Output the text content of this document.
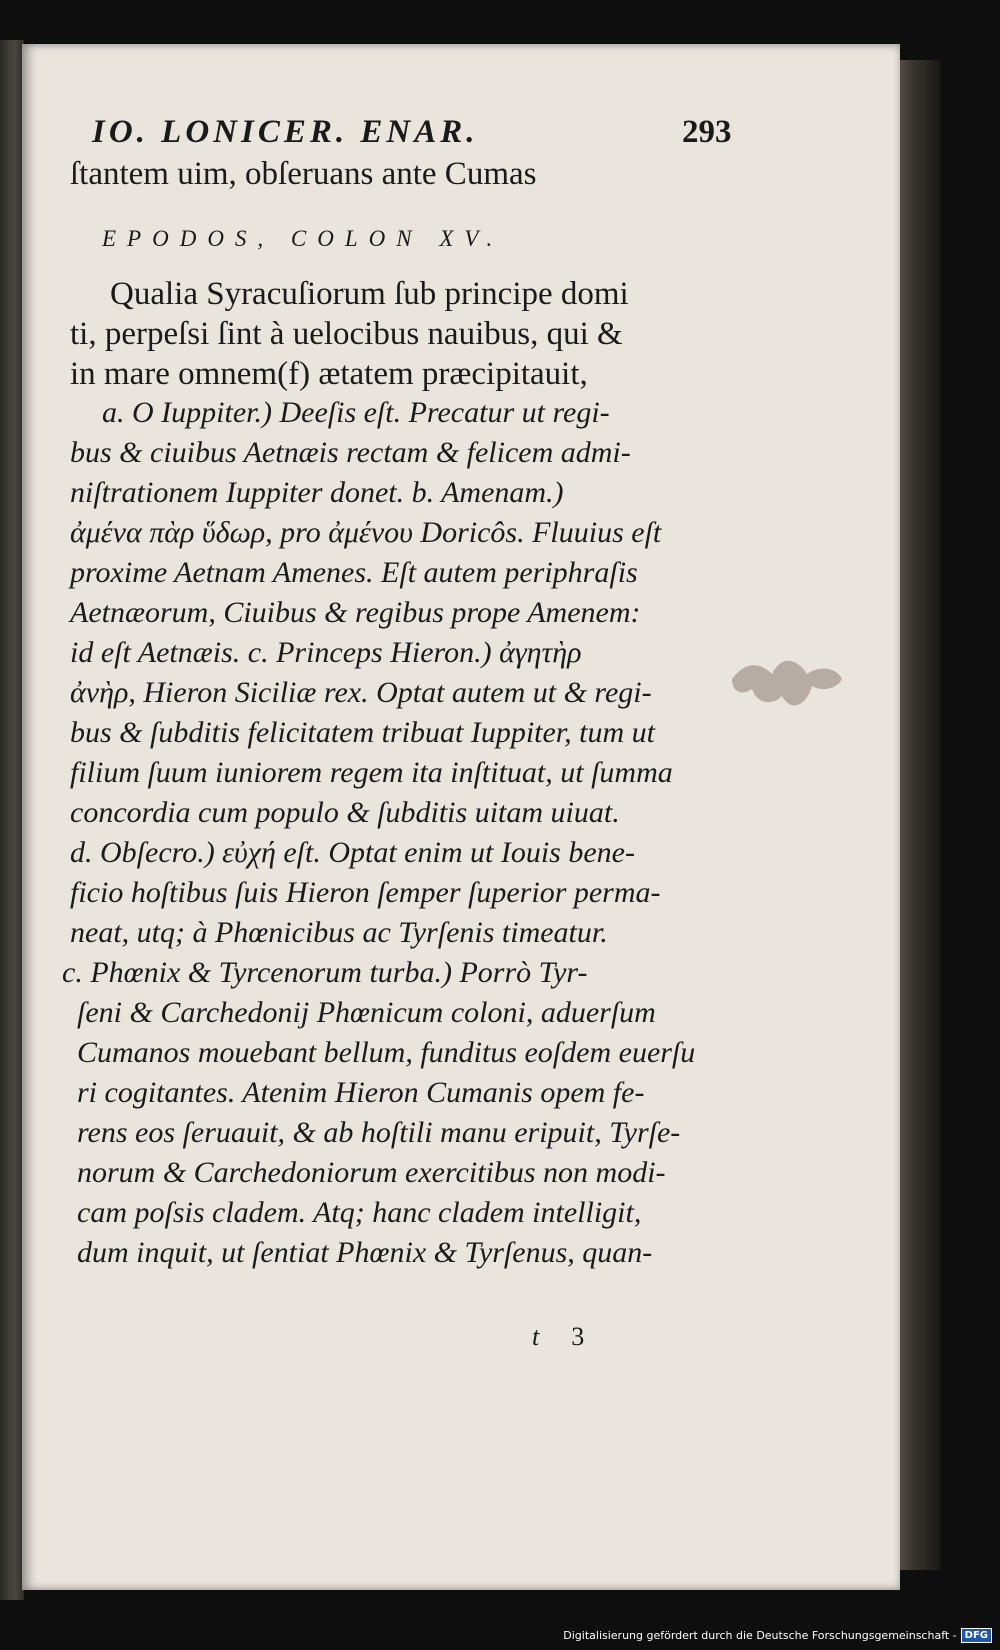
IO. LONICER. ENAR.	293
ſtantem uim, obſeruans ante Cumas
EPODOS, COLON XV.
Qualia Syracuſiorum ſub principe domi
ti, perpeſsi ſint à uelocibus nauibus, qui &
in mare omnem(f) ætatem præcipitauit,
a. O Iuppiter.) Deeſis eſt. Precatur ut regi-
bus & ciuibus Aetnæis rectam & felicem admi-
niſtrationem Iuppiter donet. b. Amenam.)
ἀμένα πὰρ ὕδωρ, pro ἀμένου Doricôs. Fluuius eſt
proxime Aetnam Amenes. Eſt autem periphraſis
Aetnæorum, Ciuibus & regibus prope Amenem:
id eſt Aetnæis. c. Princeps Hieron.) ἀγητὴρ
ἀνὴρ, Hieron Siciliæ rex. Optat autem ut & regi-
bus & ſubditis felicitatem tribuat Iuppiter, tum ut
filium ſuum iuniorem regem ita inſtituat, ut ſumma
concordia cum populo & ſubditis uitam uiuat.
d. Obſecro.) εὐχή eſt. Optat enim ut Iouis bene-
ficio hoſtibus ſuis Hieron ſemper ſuperior perma-
neat, utq; à Phœnicibus ac Tyrſenis timeatur.
c. Phœnix & Tyrcenorum turba.) Porrò Tyr-
ſeni & Carchedonij Phœnicum coloni, aduerſum
Cumanos mouebant bellum, funditus eoſdem euerſu
ri cogitantes. Atenim Hieron Cumanis opem fe-
rens eos ſeruauit, & ab hoſtili manu eripuit, Tyrſe-
norum & Carchedoniorum exercitibus non modi-
cam poſsis cladem. Atq; hanc cladem intelligit,
dum inquit, ut ſentiat Phœnix & Tyrſenus, quan-
t 3
Digitalisierung gefördert durch die Deutsche Forschungsgemeinschaft - DFG
